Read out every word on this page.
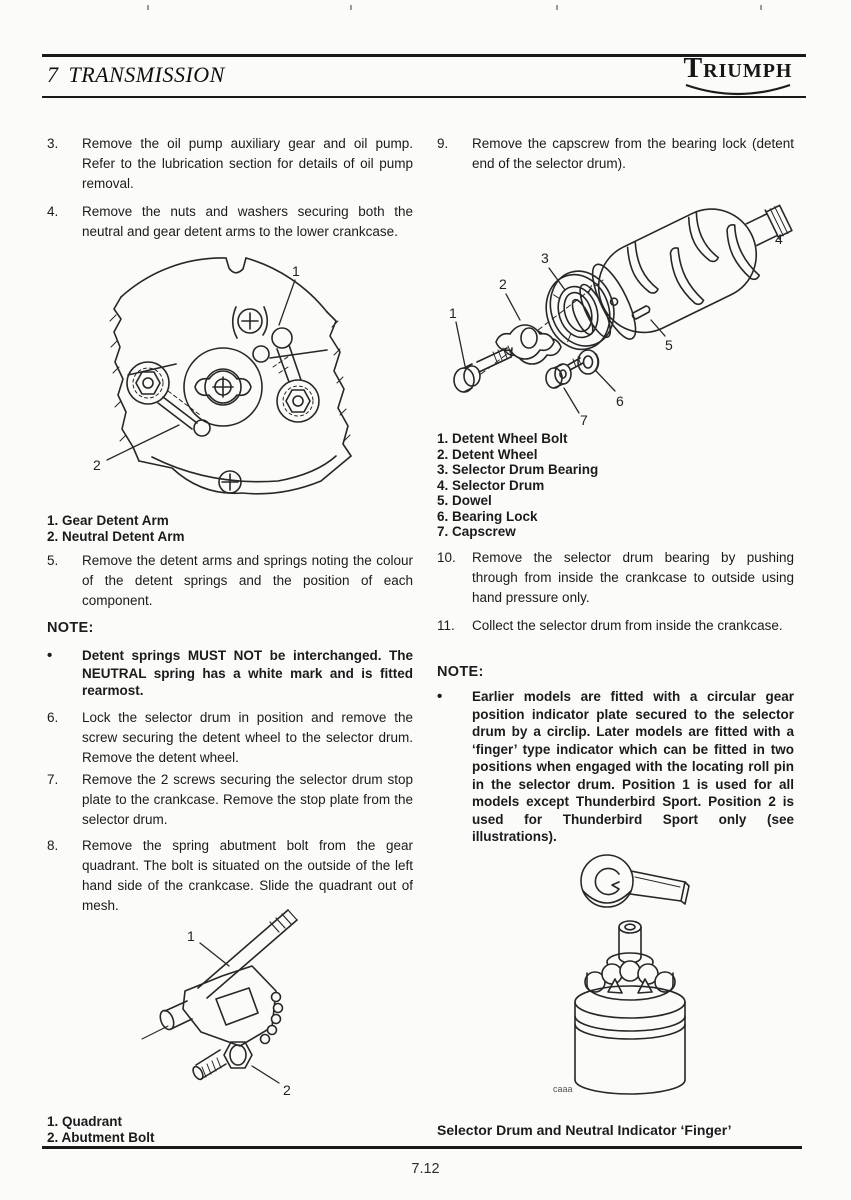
7 TRANSMISSION	TRIUMPH
3. Remove the oil pump auxiliary gear and oil pump. Refer to the lubrication section for details of oil pump removal.
4. Remove the nuts and washers securing both the neutral and gear detent arms to the lower crankcase.
1
2
1. Gear Detent Arm
2. Neutral Detent Arm
5. Remove the detent arms and springs noting the colour of the detent springs and the position of each component.
NOTE:
• Detent springs MUST NOT be interchanged. The NEUTRAL spring has a white mark and is fitted rearmost.
6. Lock the selector drum in position and remove the screw securing the detent wheel to the selector drum. Remove the detent wheel.
7. Remove the 2 screws securing the selector drum stop plate to the crankcase. Remove the stop plate from the selector drum.
8. Remove the spring abutment bolt from the gear quadrant. The bolt is situated on the outside of the left hand side of the crankcase. Slide the quadrant out of mesh.
1
2
1. Quadrant
2. Abutment Bolt
9. Remove the capscrew from the bearing lock (detent end of the selector drum).
1
2
3
4
5
6
7
1. Detent Wheel Bolt
2. Detent Wheel
3. Selector Drum Bearing
4. Selector Drum
5. Dowel
6. Bearing Lock
7. Capscrew
10. Remove the selector drum bearing by pushing through from inside the crankcase to outside using hand pressure only.
11. Collect the selector drum from inside the crankcase.
NOTE:
• Earlier models are fitted with a circular gear position indicator plate secured to the selector drum by a circlip. Later models are fitted with a ‘finger’ type indicator which can be fitted in two positions when engaged with the locating roll pin in the selector drum. Position 1 is used for all models except Thunderbird Sport. Position 2 is used for Thunderbird Sport only (see illustrations).
caaa
Selector Drum and Neutral Indicator ‘Finger’
7.12
